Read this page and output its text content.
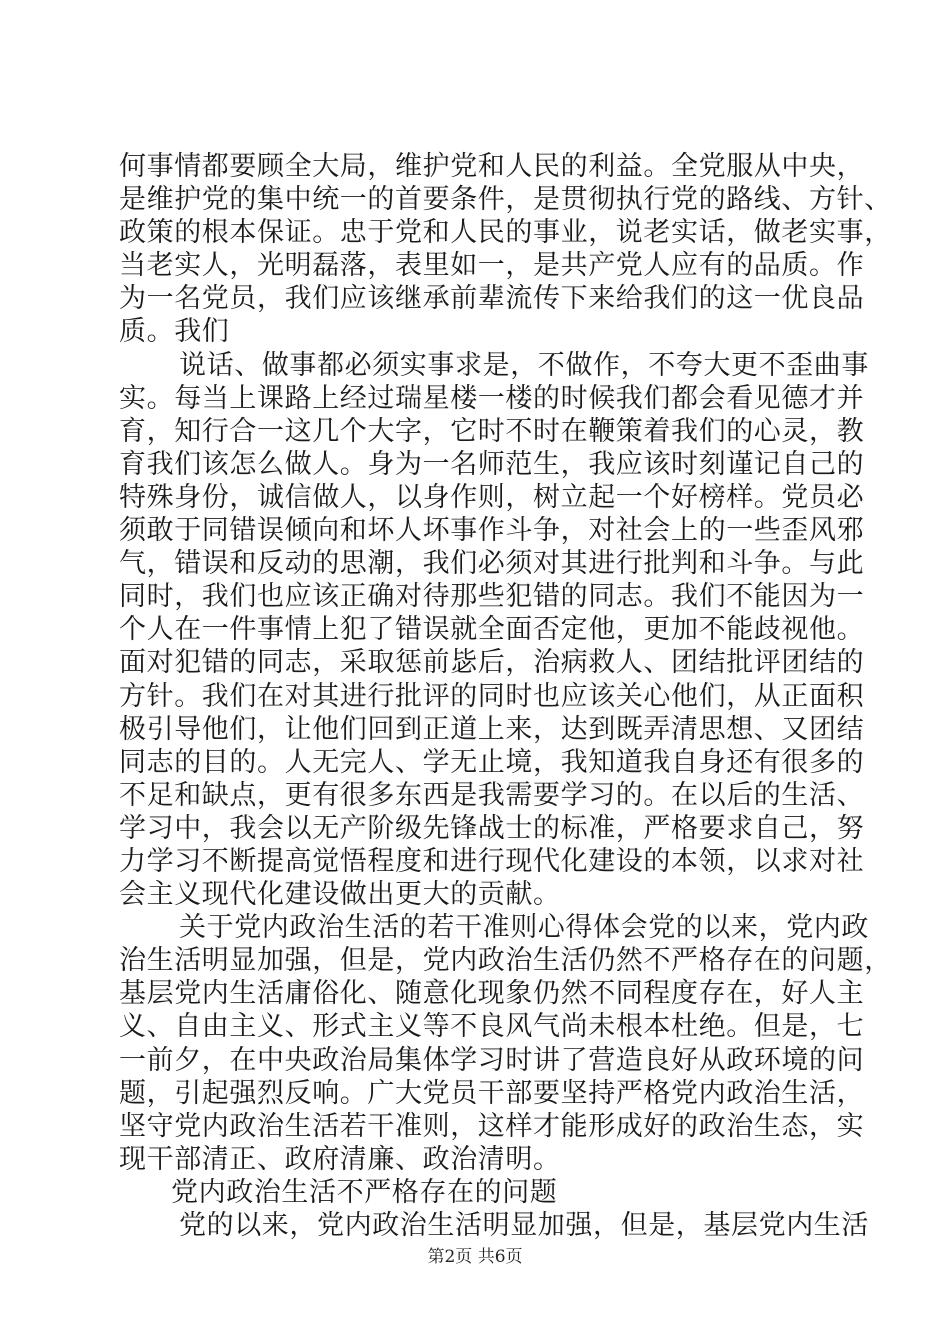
何事情都要顾全大局，维护党和人民的利益。全党服从中央，
是维护党的集中统一的首要条件，是贯彻执行党的路线、方针、
政策的根本保证。忠于党和人民的事业，说老实话，做老实事，
当老实人，光明磊落，表里如一，是共产党人应有的品质。作
为一名党员，我们应该继承前辈流传下来给我们的这一优良品
质。我们
说话、做事都必须实事求是，不做作，不夸大更不歪曲事
实。每当上课路上经过瑞星楼一楼的时候我们都会看见德才并
育，知行合一这几个大字，它时不时在鞭策着我们的心灵，教
育我们该怎么做人。身为一名师范生，我应该时刻谨记自己的
特殊身份，诚信做人，以身作则，树立起一个好榜样。党员必
须敢于同错误倾向和坏人坏事作斗争，对社会上的一些歪风邪
气，错误和反动的思潮，我们必须对其进行批判和斗争。与此
同时，我们也应该正确对待那些犯错的同志。我们不能因为一
个人在一件事情上犯了错误就全面否定他，更加不能歧视他。
面对犯错的同志，采取惩前毖后，治病救人、团结批评团结的
方针。我们在对其进行批评的同时也应该关心他们，从正面积
极引导他们，让他们回到正道上来，达到既弄清思想、又团结
同志的目的。人无完人、学无止境，我知道我自身还有很多的
不足和缺点，更有很多东西是我需要学习的。在以后的生活、
学习中，我会以无产阶级先锋战士的标准，严格要求自己，努
力学习不断提高觉悟程度和进行现代化建设的本领，以求对社
会主义现代化建设做出更大的贡献。
关于党内政治生活的若干准则心得体会党的以来，党内政
治生活明显加强，但是，党内政治生活仍然不严格存在的问题，
基层党内生活庸俗化、随意化现象仍然不同程度存在，好人主
义、自由主义、形式主义等不良风气尚未根本杜绝。但是，七
一前夕，在中央政治局集体学习时讲了营造良好从政环境的问
题，引起强烈反响。广大党员干部要坚持严格党内政治生活，
坚守党内政治生活若干准则，这样才能形成好的政治生态，实
现干部清正、政府清廉、政治清明。
党内政治生活不严格存在的问题
党的以来，党内政治生活明显加强，但是，基层党内生活
第2页 共6页
